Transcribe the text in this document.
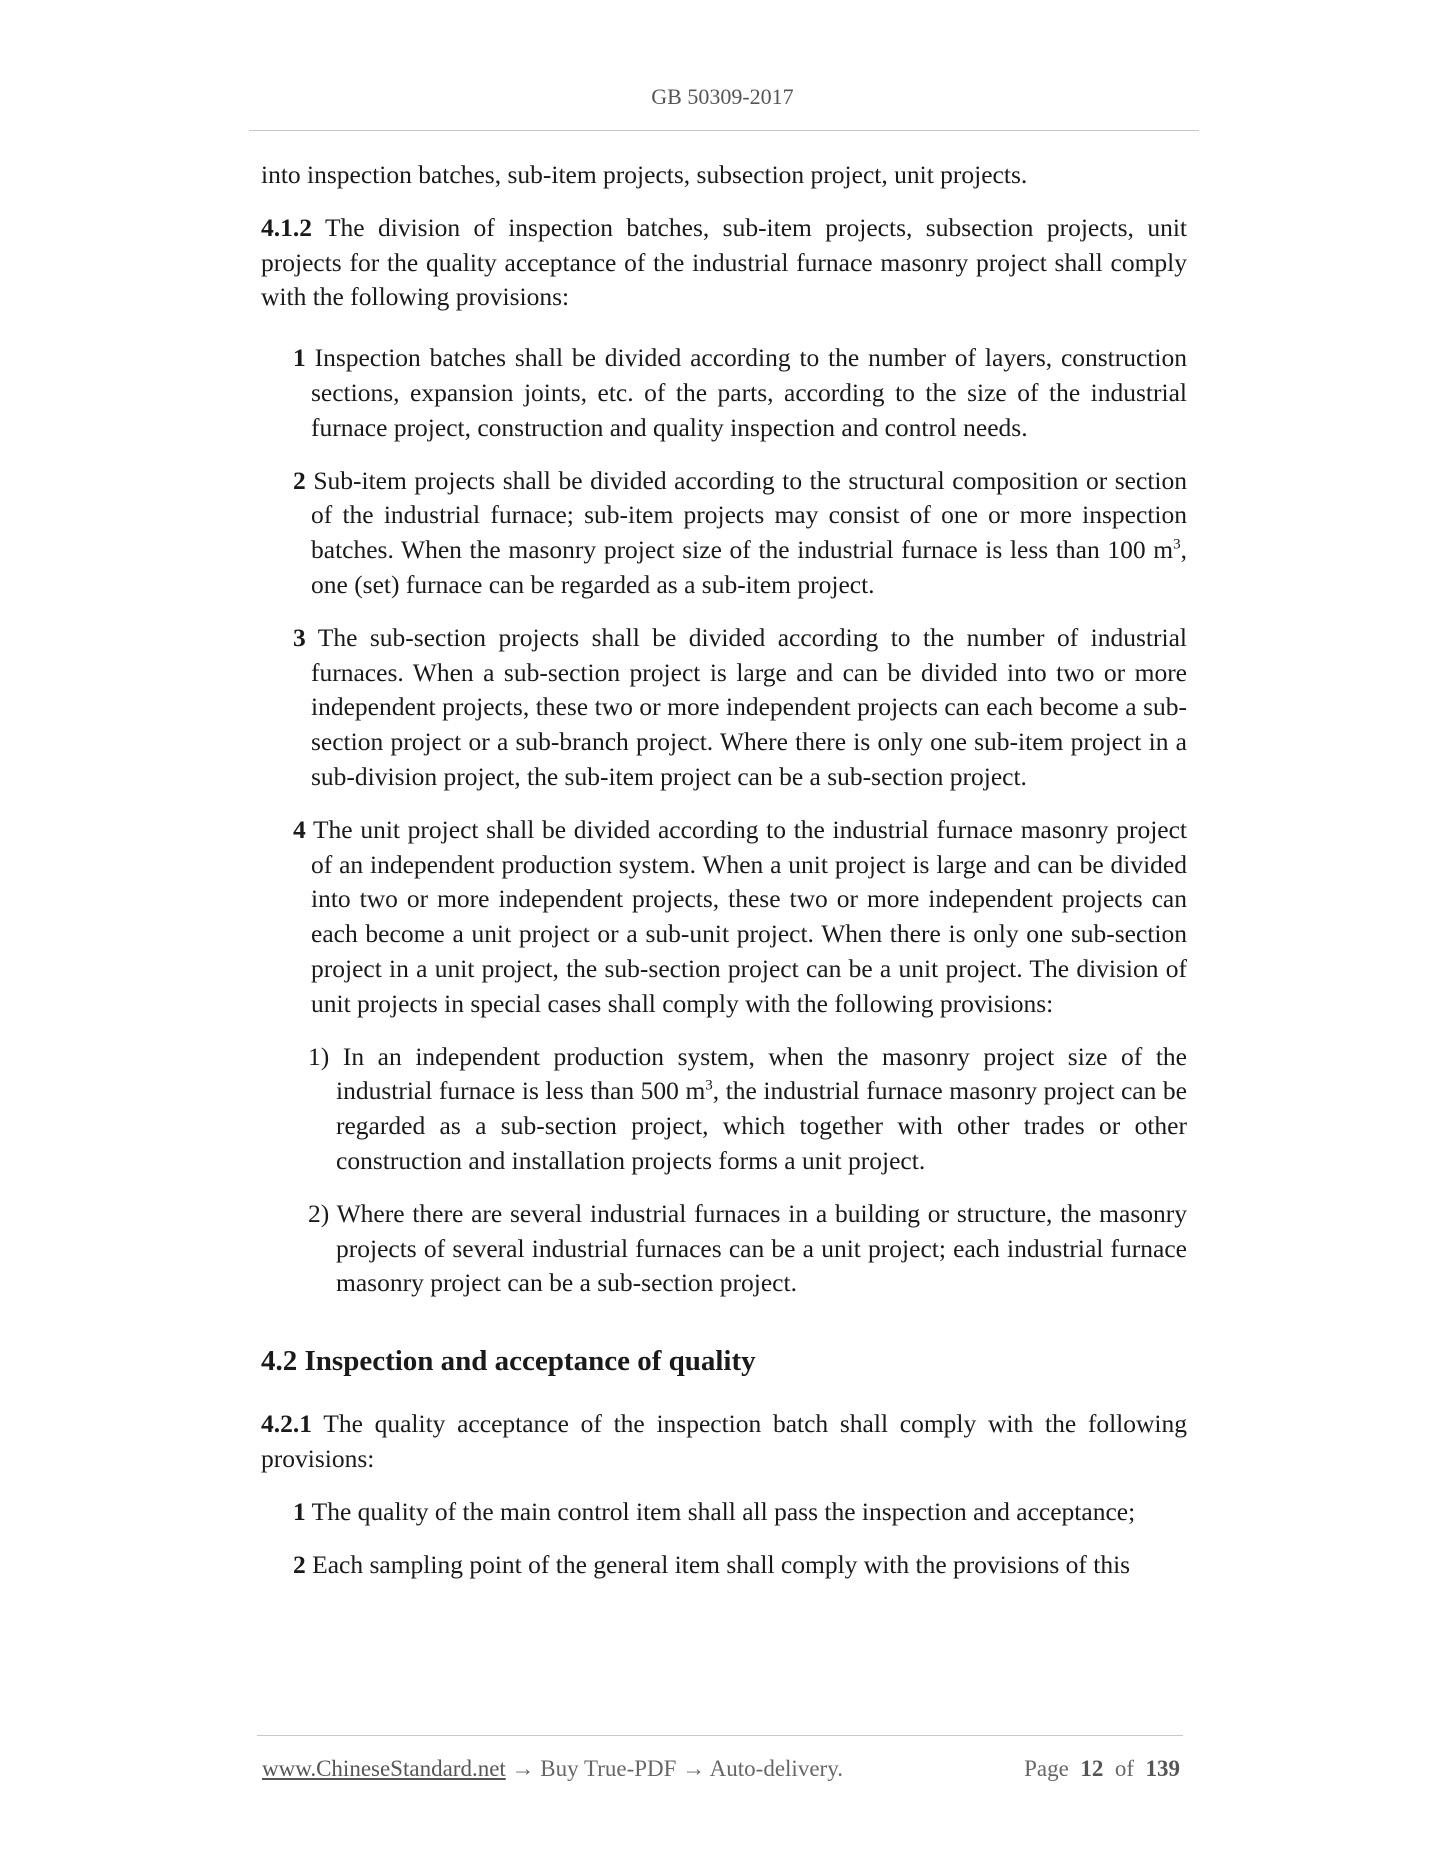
GB 50309-2017

into inspection batches, sub-item projects, subsection project, unit projects.

4.1.2 The division of inspection batches, sub-item projects, subsection projects, unit projects for the quality acceptance of the industrial furnace masonry project shall comply with the following provisions:

1 Inspection batches shall be divided according to the number of layers, construction sections, expansion joints, etc. of the parts, according to the size of the industrial furnace project, construction and quality inspection and control needs.

2 Sub-item projects shall be divided according to the structural composition or section of the industrial furnace; sub-item projects may consist of one or more inspection batches. When the masonry project size of the industrial furnace is less than 100 $m^3$, one (set) furnace can be regarded as a sub-item project.

3 The sub-section projects shall be divided according to the number of industrial furnaces. When a sub-section project is large and can be divided into two or more independent projects, these two or more independent projects can each become a sub-section project or a sub-branch project. Where there is only one sub-item project in a sub-division project, the sub-item project can be a sub-section project.

4 The unit project shall be divided according to the industrial furnace masonry project of an independent production system. When a unit project is large and can be divided into two or more independent projects, these two or more independent projects can each become a unit project or a sub-unit project. When there is only one sub-section project in a unit project, the sub-section project can be a unit project. The division of unit projects in special cases shall comply with the following provisions:

1) In an independent production system, when the masonry project size of the industrial furnace is less than 500 $m^3$, the industrial furnace masonry project can be regarded as a sub-section project, which together with other trades or other construction and installation projects forms a unit project.

2) Where there are several industrial furnaces in a building or structure, the masonry projects of several industrial furnaces can be a unit project; each industrial furnace masonry project can be a sub-section project.

4.2 Inspection and acceptance of quality

4.2.1 The quality acceptance of the inspection batch shall comply with the following provisions:

1 The quality of the main control item shall all pass the inspection and acceptance;

2 Each sampling point of the general item shall comply with the provisions of this

www.ChineseStandard.net → Buy True-PDF → Auto-delivery.	Page 12 of 139
